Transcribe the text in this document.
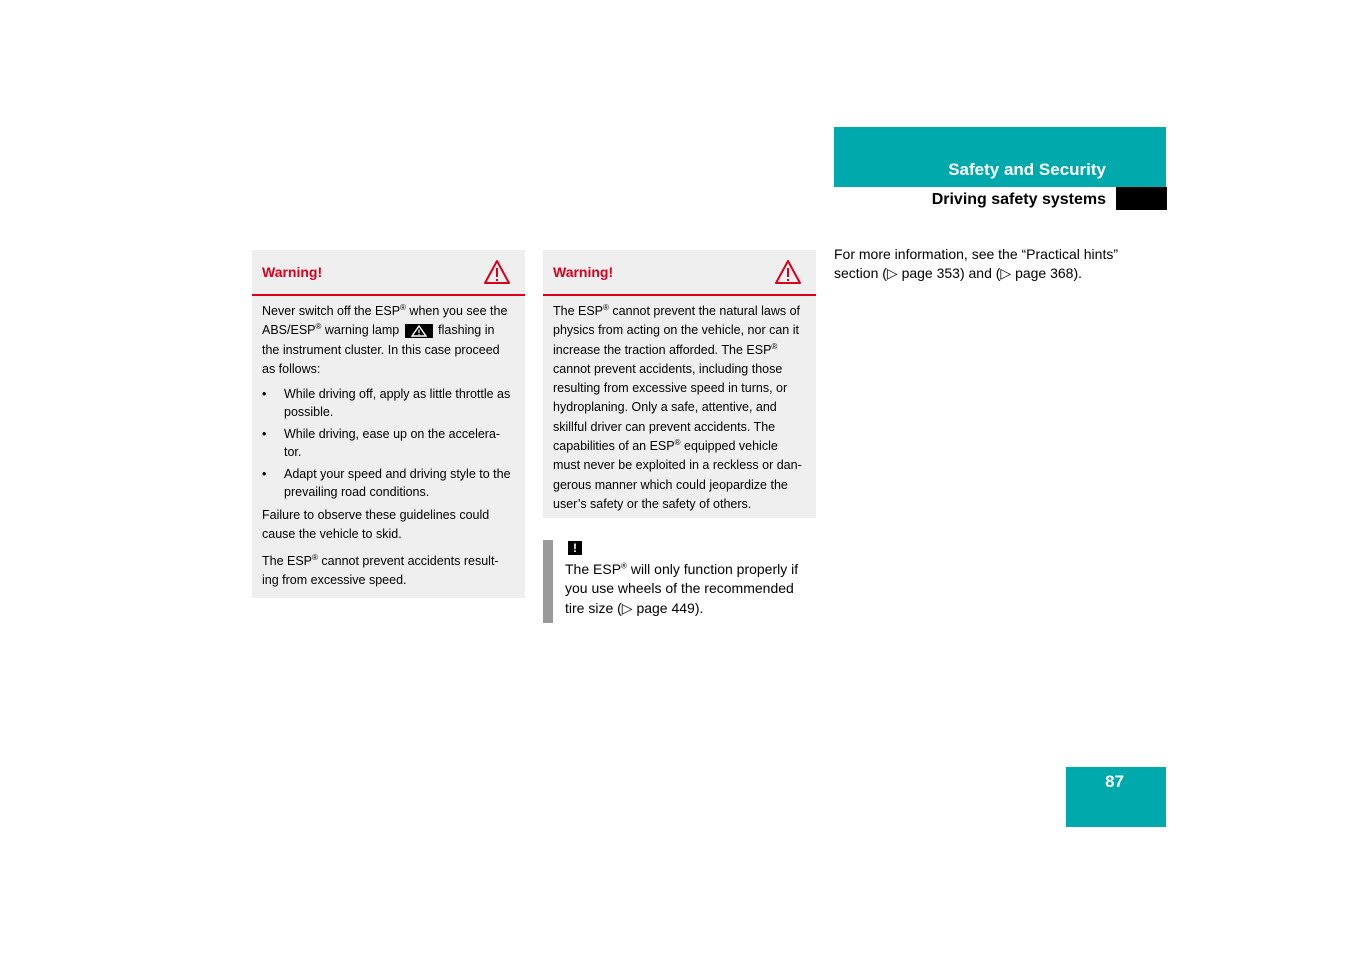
Safety and Security
Driving safety systems
Warning!

Never switch off the ESP® when you see the ABS/ESP® warning lamp	flashing in the instrument cluster. In this case proceed as follows:

• While driving off, apply as little throttle as possible.
• While driving, ease up on the accelera-tor.
• Adapt your speed and driving style to the prevailing road conditions.

Failure to observe these guidelines could cause the vehicle to skid.

The ESP® cannot prevent accidents result-ing from excessive speed.

Warning!

The ESP® cannot prevent the natural laws of physics from acting on the vehicle, nor can it increase the traction afforded. The ESP® cannot prevent accidents, including those resulting from excessive speed in turns, or hydroplaning. Only a safe, attentive, and skillful driver can prevent accidents. The capabilities of an ESP® equipped vehicle must never be exploited in a reckless or dan-gerous manner which could jeopardize the user’s safety or the safety of others.

!
The ESP® will only function properly if you use wheels of the recommended tire size (▷ page 449).
For more information, see the “Practical hints” section (▷ page 353) and (▷ page 368).
87
